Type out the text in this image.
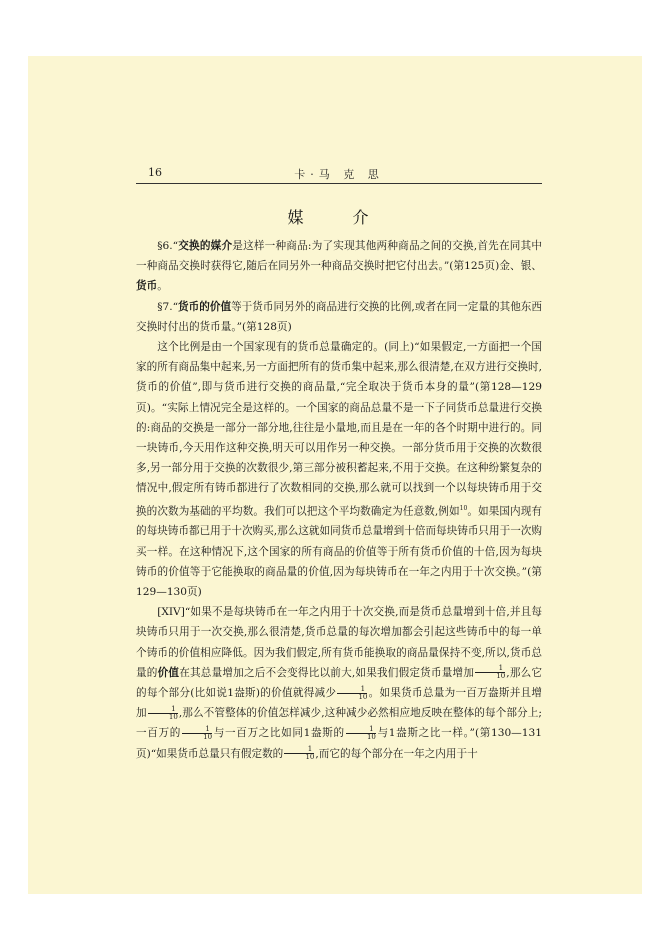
16	卡·马 克 思
媒 介

§6.“交换的媒介是这样一种商品:为了实现其他两种商品之间的交换,首先在同其中一种商品交换时获得它,随后在同另外一种商品交换时把它付出去。”(第125页)金、银、货币。

§7.“货币的价值等于货币同另外的商品进行交换的比例,或者在同一定量的其他东西交换时付出的货币量。”(第128页)

这个比例是由一个国家现有的货币总量确定的。(同上)“如果假定,一方面把一个国家的所有商品集中起来,另一方面把所有的货币集中起来,那么很清楚,在双方进行交换时,货币的价值”,即与货币进行交换的商品量,“完全取决于货币本身的量”(第128—129页)。“实际上情况完全是这样的。一个国家的商品总量不是一下子同货币总量进行交换的:商品的交换是一部分一部分地,往往是小量地,而且是在一年的各个时期中进行的。同一块铸币,今天用作这种交换,明天可以用作另一种交换。一部分货币用于交换的次数很多,另一部分用于交换的次数很少,第三部分被积蓄起来,不用于交换。在这种纷繁复杂的情况中,假定所有铸币都进行了次数相同的交换,那么就可以找到一个以每块铸币用于交换的次数为基础的平均数。我们可以把这个平均数确定为任意数,例如$^{10}$。如果国内现有的每块铸币都已用于十次购买,那么这就如同货币总量增到十倍而每块铸币只用于一次购买一样。在这种情况下,这个国家的所有商品的价值等于所有货币价值的十倍,因为每块铸币的价值等于它能换取的商品量的价值,因为每块铸币在一年之内用于十次交换。”(第129—130页)

[XIV]“如果不是每块铸币在一年之内用于十次交换,而是货币总量增到十倍,并且每块铸币只用于一次交换,那么很清楚,货币总量的每次增加都会引起这些铸币中的每一单个铸币的价值相应降低。因为我们假定,所有货币能换取的商品量保持不变,所以,货币总量的价值在其总量增加之后不会变得比以前大,如果我们假定货币量增加 $\frac{1}{10}$ ,那么它的每个部分(比如说1盎斯)的价值就得减少 $\frac{1}{10}$ 。如果货币总量为一百万盎斯并且增加 $\frac{1}{10}$ ,那么不管整体的价值怎样减少,这种减少必然相应地反映在整体的每个部分上;一百万的 $\frac{1}{10}$ 与一百万之比如同1盎斯的 $\frac{1}{10}$ 与1盎斯之比一样。”(第130—131页)“如果货币总量只有假定数的 $\frac{1}{10}$ ,而它的每个部分在一年之内用于十
